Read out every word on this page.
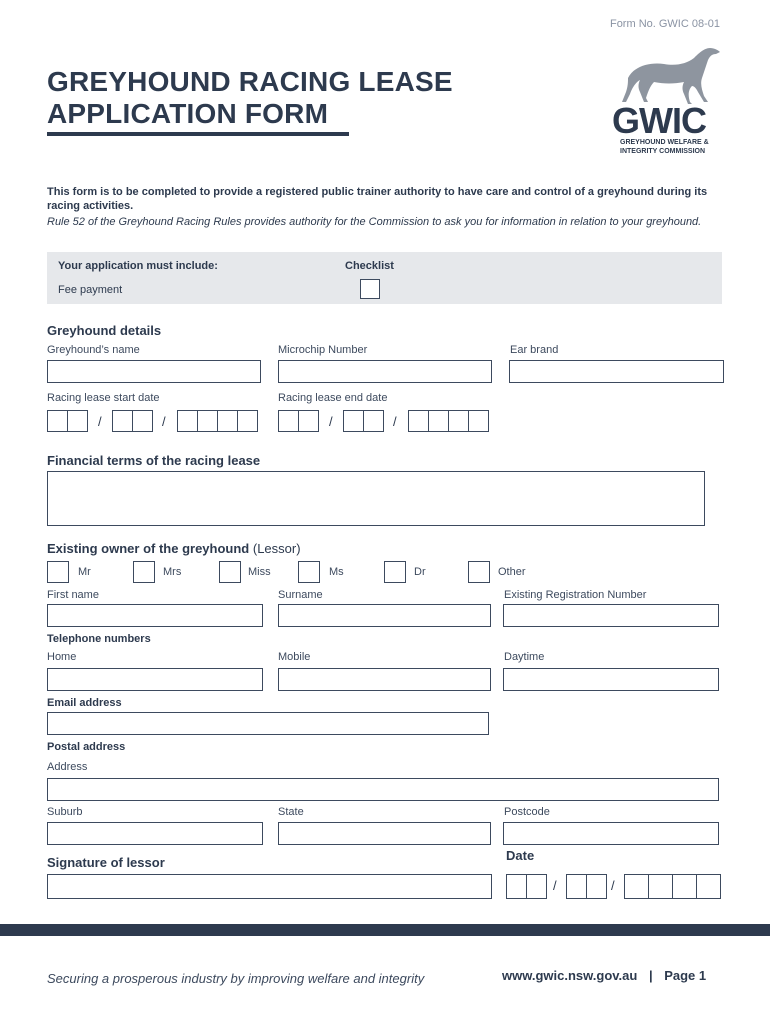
Form No. GWIC 08-01
GREYHOUND RACING LEASE
APPLICATION FORM	GWIC
GREYHOUND WELFARE &
INTEGRITY COMMISSION
This form is to be completed to provide a registered public trainer authority to have care and control of a greyhound during its racing activities.
Rule 52 of the Greyhound Racing Rules provides authority for the Commission to ask you for information in relation to your greyhound.
Your application must include:	Checklist
Fee payment
Greyhound details
Greyhound’s name	Microchip Number	Ear brand
Racing lease start date	Racing lease end date
/	/	/	/
Financial terms of the racing lease
Existing owner of the greyhound (Lessor)
Mr	Mrs	Miss	Ms	Dr	Other
First name	Surname	Existing Registration Number
Telephone numbers
Home	Mobile	Daytime
Email address
Postal address
Address
Suburb	State	Postcode
Signature of lessor	Date
/	/
Securing a prosperous industry by improving welfare and integrity	www.gwic.nsw.gov.au | Page 1
